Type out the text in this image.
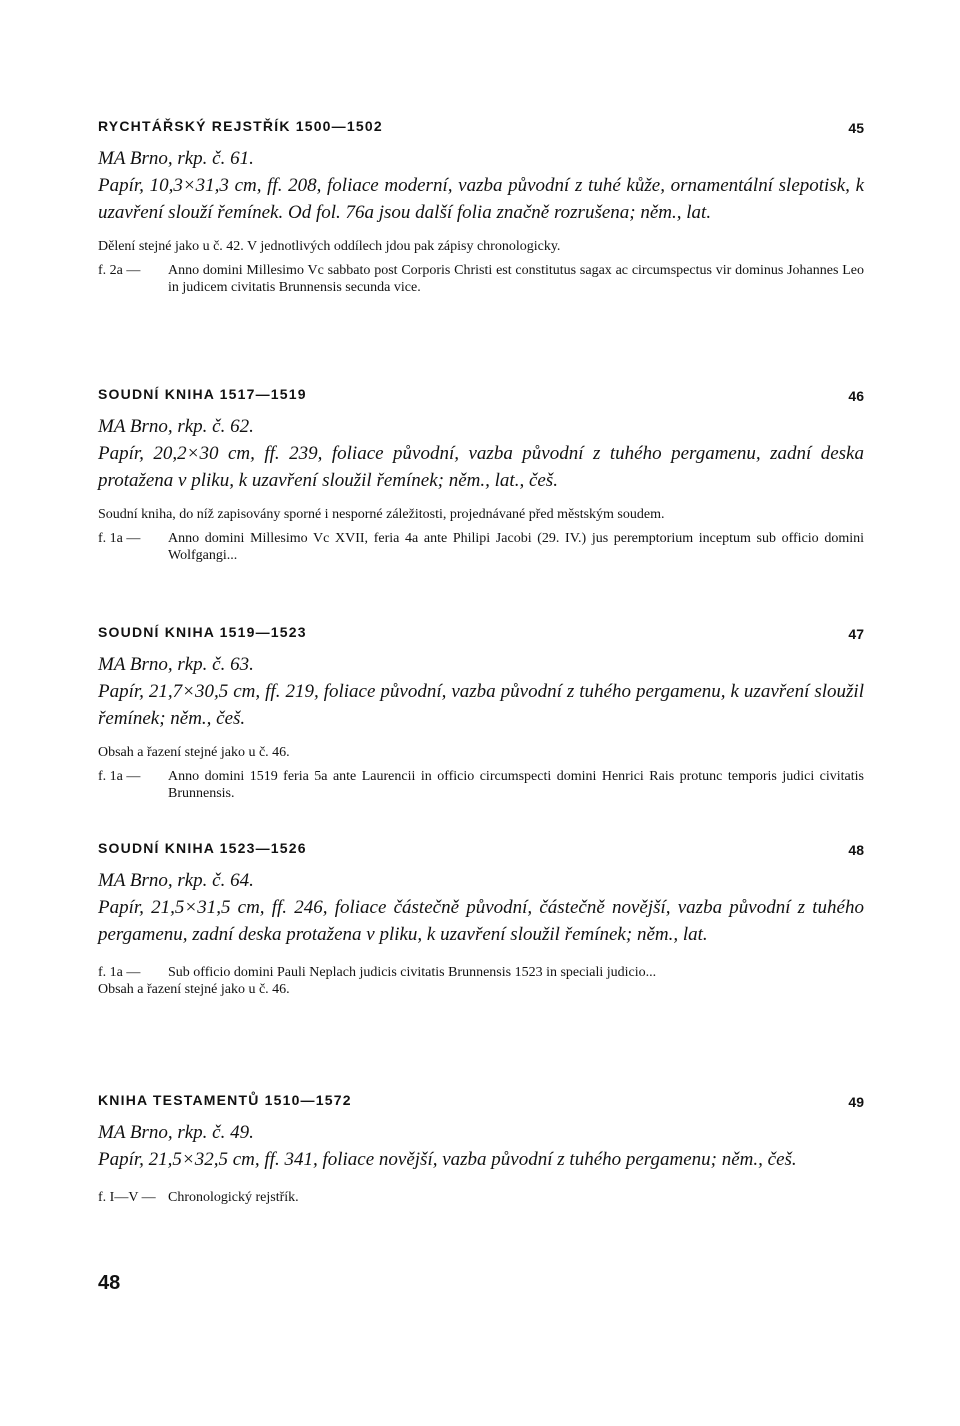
RYCHTÁŘSKÝ REJSTŘÍK 1500—1502	45
MA Brno, rkp. č. 61.
Papír, 10,3×31,3 cm, ff. 208, foliace moderní, vazba původní z tuhé kůže, ornamentální slepotisk, k uzavření slouží řemínek. Od fol. 76a jsou další folia značně rozrušena; něm., lat.
Dělení stejné jako u č. 42. V jednotlivých oddílech jdou pak zápisy chronologicky.
f. 2a —	Anno domini Millesimo Vc sabbato post Corporis Christi est constitutus sagax ac circumspectus vir dominus Johannes Leo in judicem civitatis Brunnensis secunda vice.
SOUDNÍ KNIHA 1517—1519	46
MA Brno, rkp. č. 62.
Papír, 20,2×30 cm, ff. 239, foliace původní, vazba původní z tuhého pergamenu, zadní deska protažena v pliku, k uzavření sloužil řemínek; něm., lat., češ.
Soudní kniha, do níž zapisovány sporné i nesporné záležitosti, projednávané před městským soudem.
f. 1a —	Anno domini Millesimo Vc XVII, feria 4a ante Philipi Jacobi (29. IV.) jus peremptorium inceptum sub officio domini Wolfgangi...
SOUDNÍ KNIHA 1519—1523	47
MA Brno, rkp. č. 63.
Papír, 21,7×30,5 cm, ff. 219, foliace původní, vazba původní z tuhého pergamenu, k uzavření sloužil řemínek; něm., češ.
Obsah a řazení stejné jako u č. 46.
f. 1a —	Anno domini 1519 feria 5a ante Laurencii in officio circumspecti domini Henrici Rais protunc temporis judici civitatis Brunnensis.
SOUDNÍ KNIHA 1523—1526	48
MA Brno, rkp. č. 64.
Papír, 21,5×31,5 cm, ff. 246, foliace částečně původní, částečně novější, vazba původní z tuhého pergamenu, zadní deska protažena v pliku, k uzavření sloužil řemínek; něm., lat.
f. 1a —	Sub officio domini Pauli Neplach judicis civitatis Brunnensis 1523 in speciali judicio...
Obsah a řazení stejné jako u č. 46.
KNIHA TESTAMENTŮ 1510—1572	49
MA Brno, rkp. č. 49.
Papír, 21,5×32,5 cm, ff. 341, foliace novější, vazba původní z tuhého pergamenu; něm., češ.
f. I—V — Chronologický rejstřík.
48
